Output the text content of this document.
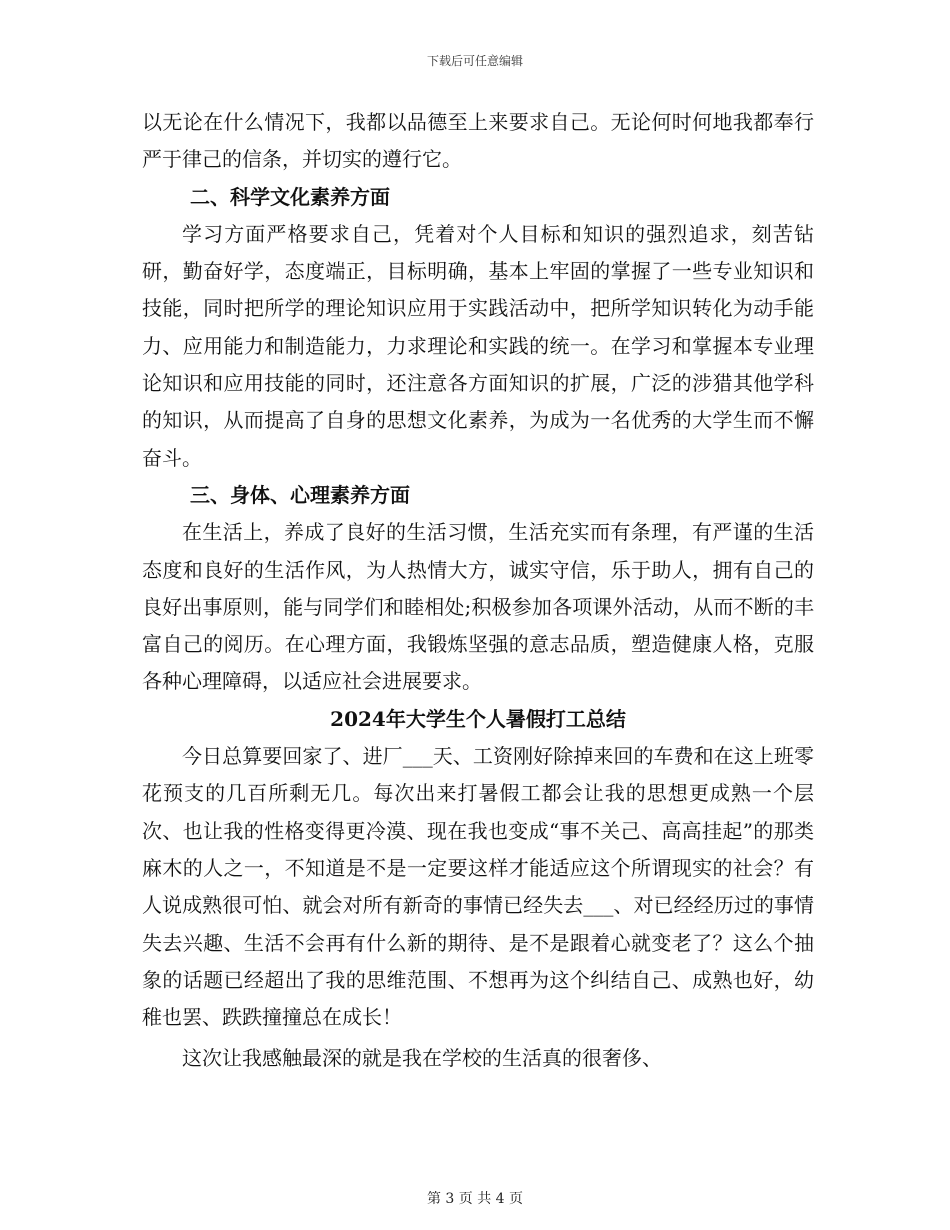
下载后可任意编辑

以无论在什么情况下，我都以品德至上来要求自己。无论何时何地我都奉行严于律己的信条，并切实的遵行它。

二、科学文化素养方面

学习方面严格要求自己，凭着对个人目标和知识的强烈追求，刻苦钻研，勤奋好学，态度端正，目标明确，基本上牢固的掌握了一些专业知识和技能，同时把所学的理论知识应用于实践活动中，把所学知识转化为动手能力、应用能力和制造能力，力求理论和实践的统一。在学习和掌握本专业理论知识和应用技能的同时，还注意各方面知识的扩展，广泛的涉猎其他学科的知识，从而提高了自身的思想文化素养，为成为一名优秀的大学生而不懈奋斗。

三、身体、心理素养方面

在生活上，养成了良好的生活习惯，生活充实而有条理，有严谨的生活态度和良好的生活作风，为人热情大方，诚实守信，乐于助人，拥有自己的良好出事原则，能与同学们和睦相处;积极参加各项课外活动，从而不断的丰富自己的阅历。在心理方面，我锻炼坚强的意志品质，塑造健康人格，克服各种心理障碍，以适应社会进展要求。

2024年大学生个人暑假打工总结

今日总算要回家了、进厂___天、工资刚好除掉来回的车费和在这上班零花预支的几百所剩无几。每次出来打暑假工都会让我的思想更成熟一个层次、也让我的性格变得更冷漠、现在我也变成“事不关己、高高挂起”的那类麻木的人之一，不知道是不是一定要这样才能适应这个所谓现实的社会？有人说成熟很可怕、就会对所有新奇的事情已经失去___、对已经经历过的事情失去兴趣、生活不会再有什么新的期待、是不是跟着心就变老了？这么个抽象的话题已经超出了我的思维范围、不想再为这个纠结自己、成熟也好，幼稚也罢、跌跌撞撞总在成长！

这次让我感触最深的就是我在学校的生活真的很奢侈、

第 3 页 共 4 页
